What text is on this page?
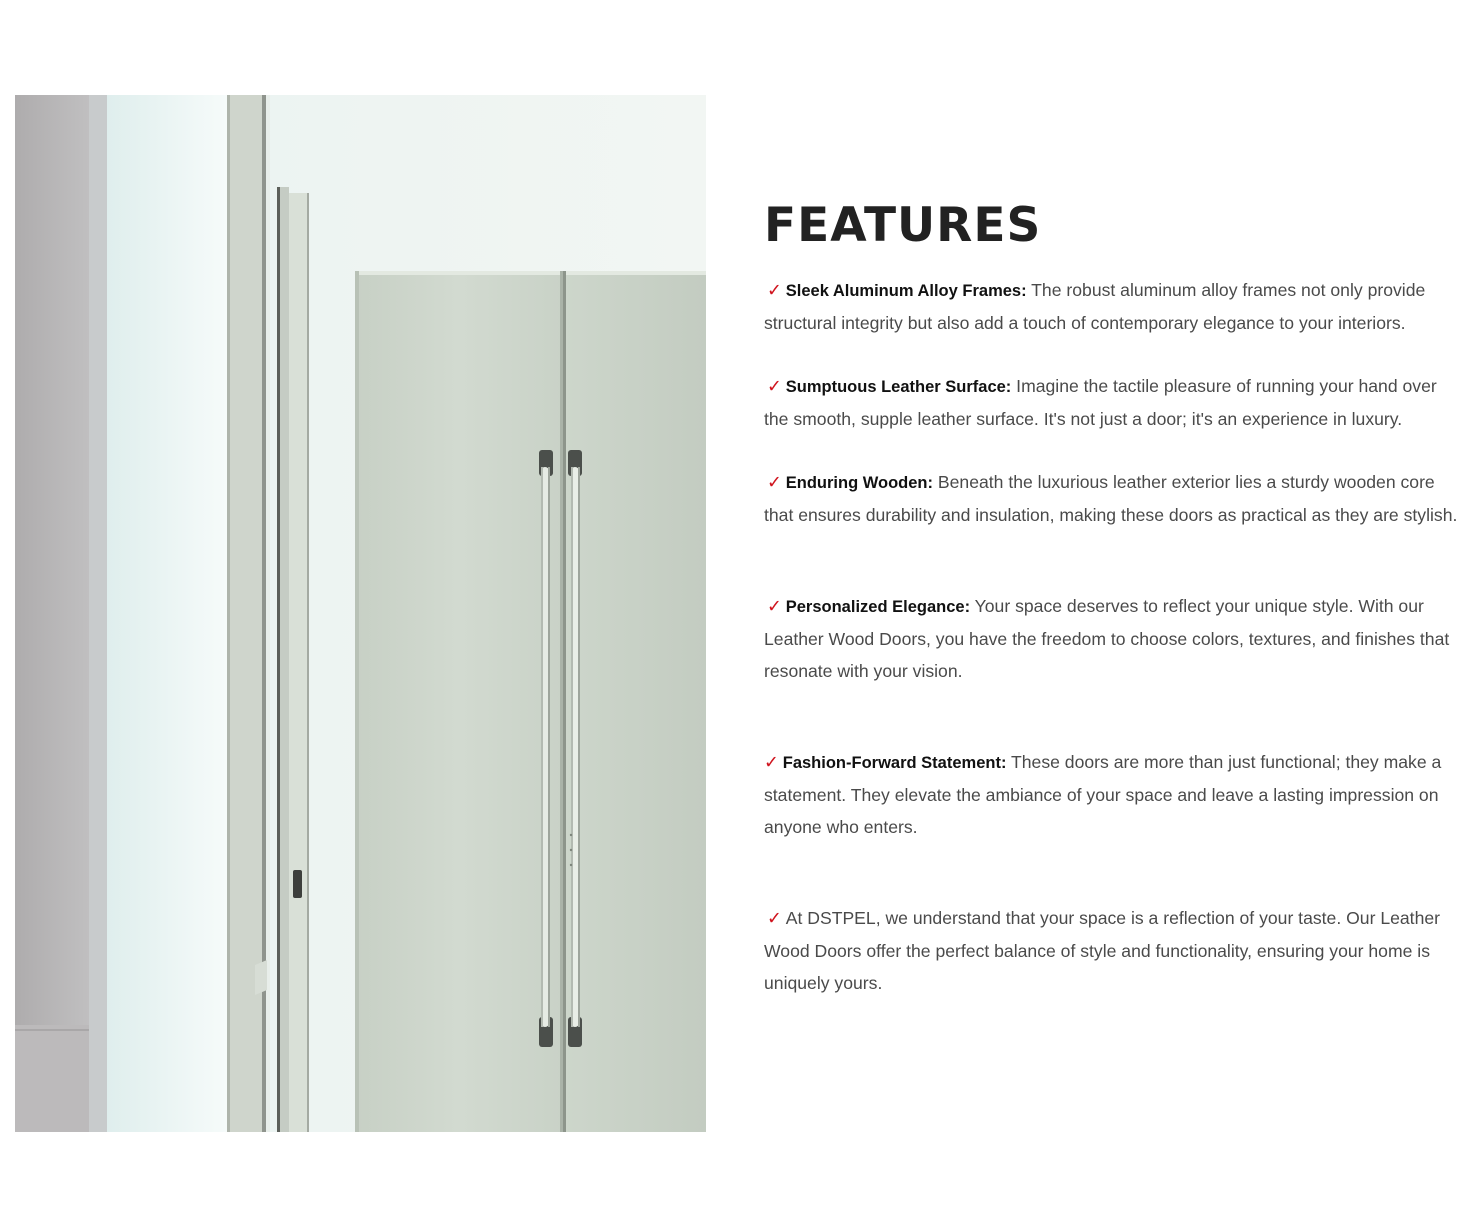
FEATURES

✓ Sleek Aluminum Alloy Frames: The robust aluminum alloy frames not only provide structural integrity but also add a touch of contemporary elegance to your interiors.

✓ Sumptuous Leather Surface: Imagine the tactile pleasure of running your hand over the smooth, supple leather surface. It's not just a door; it's an experience in luxury.

✓ Enduring Wooden: Beneath the luxurious leather exterior lies a sturdy wooden core that ensures durability and insulation, making these doors as practical as they are stylish.

✓ Personalized Elegance: Your space deserves to reflect your unique style. With our Leather Wood Doors, you have the freedom to choose colors, textures, and finishes that resonate with your vision.

✓ Fashion-Forward Statement: These doors are more than just functional; they make a statement. They elevate the ambiance of your space and leave a lasting impression on anyone who enters.

✓ At DSTPEL, we understand that your space is a reflection of your taste. Our Leather Wood Doors offer the perfect balance of style and functionality, ensuring your home is uniquely yours.
